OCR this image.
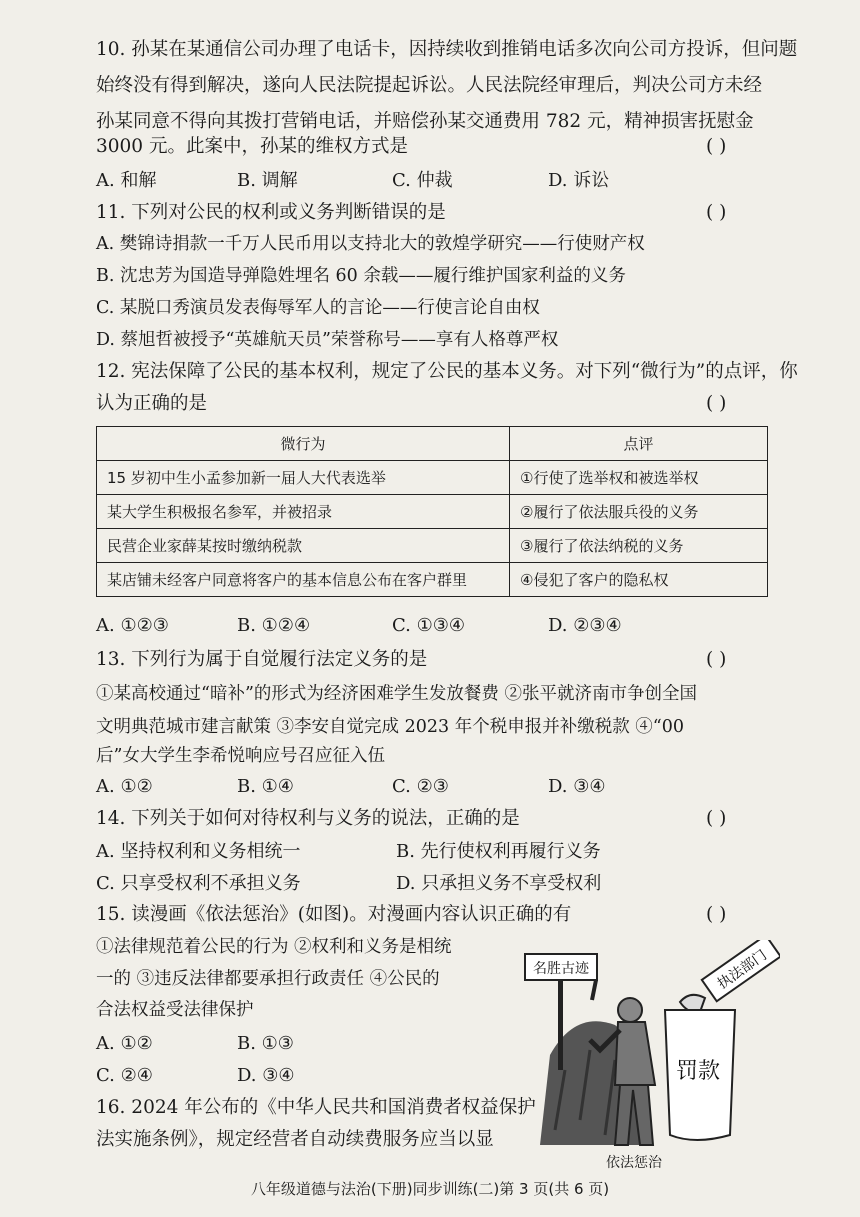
10. 孙某在某通信公司办理了电话卡，因持续收到推销电话多次向公司方投诉，但问题
始终没有得到解决，遂向人民法院提起诉讼。人民法院经审理后，判决公司方未经
孙某同意不得向其拨打营销电话，并赔偿孙某交通费用 782 元，精神损害抚慰金
3000 元。此案中，孙某的维权方式是	( )
A. 和解	B. 调解	C. 仲裁	D. 诉讼
11. 下列对公民的权利或义务判断错误的是	( )
A. 樊锦诗捐款一千万人民币用以支持北大的敦煌学研究——行使财产权
B. 沈忠芳为国造导弹隐姓埋名 60 余载——履行维护国家利益的义务
C. 某脱口秀演员发表侮辱军人的言论——行使言论自由权
D. 蔡旭哲被授予“英雄航天员”荣誉称号——享有人格尊严权
12. 宪法保障了公民的基本权利，规定了公民的基本义务。对下列“微行为”的点评，你
认为正确的是	( )
微行为	点评
15 岁初中生小孟参加新一届人大代表选举	①行使了选举权和被选举权
某大学生积极报名参军，并被招录	②履行了依法服兵役的义务
民营企业家薛某按时缴纳税款	③履行了依法纳税的义务
某店铺未经客户同意将客户的基本信息公布在客户群里	④侵犯了客户的隐私权
A. ①②③	B. ①②④	C. ①③④	D. ②③④
13. 下列行为属于自觉履行法定义务的是	( )
①某高校通过“暗补”的形式为经济困难学生发放餐费 ②张平就济南市争创全国
文明典范城市建言献策 ③李安自觉完成 2023 年个税申报并补缴税款 ④“00
后”女大学生李希悦响应号召应征入伍
A. ①②	B. ①④	C. ②③	D. ③④
14. 下列关于如何对待权利与义务的说法，正确的是	( )
A. 坚持权利和义务相统一	B. 先行使权利再履行义务
C. 只享受权利不承担义务	D. 只承担义务不享受权利
15. 读漫画《依法惩治》(如图)。对漫画内容认识正确的有	( )
①法律规范着公民的行为 ②权利和义务是相统
一的 ③违反法律都要承担行政责任 ④公民的
合法权益受法律保护
A. ①②	B. ①③
C. ②④	D. ③④
名胜古迹	执法部门
罚款
依法惩治
16. 2024 年公布的《中华人民共和国消费者权益保护
法实施条例》，规定经营者自动续费服务应当以显
八年级道德与法治(下册)同步训练(二)第 3 页(共 6 页)
